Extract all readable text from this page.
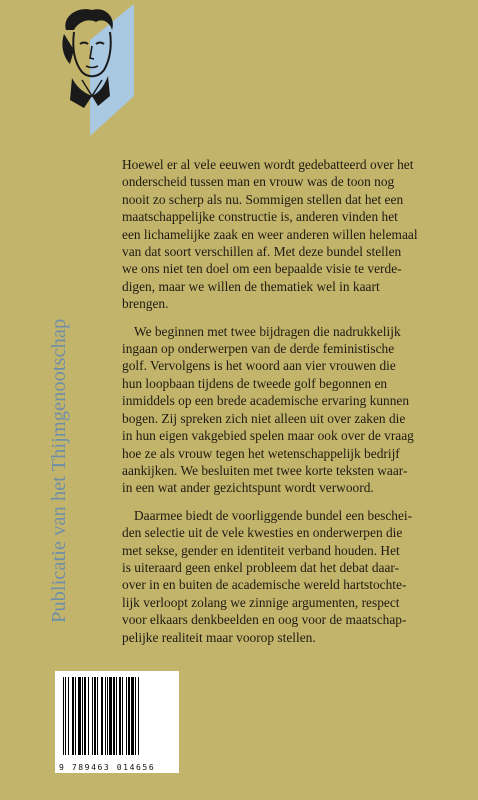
Publicatie van het Thijmgenootschap
Hoewel er al vele eeuwen wordt gedebatteerd over het
onderscheid tussen man en vrouw was de toon nog
nooit zo scherp als nu. Sommigen stellen dat het een
maatschappelijke constructie is, anderen vinden het
een lichamelijke zaak en weer anderen willen helemaal
van dat soort verschillen af. Met deze bundel stellen
we ons niet ten doel om een bepaalde visie te verde-
digen, maar we willen de thematiek wel in kaart
brengen.
We beginnen met twee bijdragen die nadrukkelijk
ingaan op onderwerpen van de derde feministische
golf. Vervolgens is het woord aan vier vrouwen die
hun loopbaan tijdens de tweede golf begonnen en
inmiddels op een brede academische ervaring kunnen
bogen. Zij spreken zich niet alleen uit over zaken die
in hun eigen vakgebied spelen maar ook over de vraag
hoe ze als vrouw tegen het wetenschappelijk bedrijf
aankijken. We besluiten met twee korte teksten waar-
in een wat ander gezichtspunt wordt verwoord.
Daarmee biedt de voorliggende bundel een beschei-
den selectie uit de vele kwesties en onderwerpen die
met sekse, gender en identiteit verband houden. Het
is uiteraard geen enkel probleem dat het debat daar-
over in en buiten de academische wereld hartstochte-
lijk verloopt zolang we zinnige argumenten, respect
voor elkaars denkbeelden en oog voor de maatschap-
pelijke realiteit maar voorop stellen.
9 789463 014656
